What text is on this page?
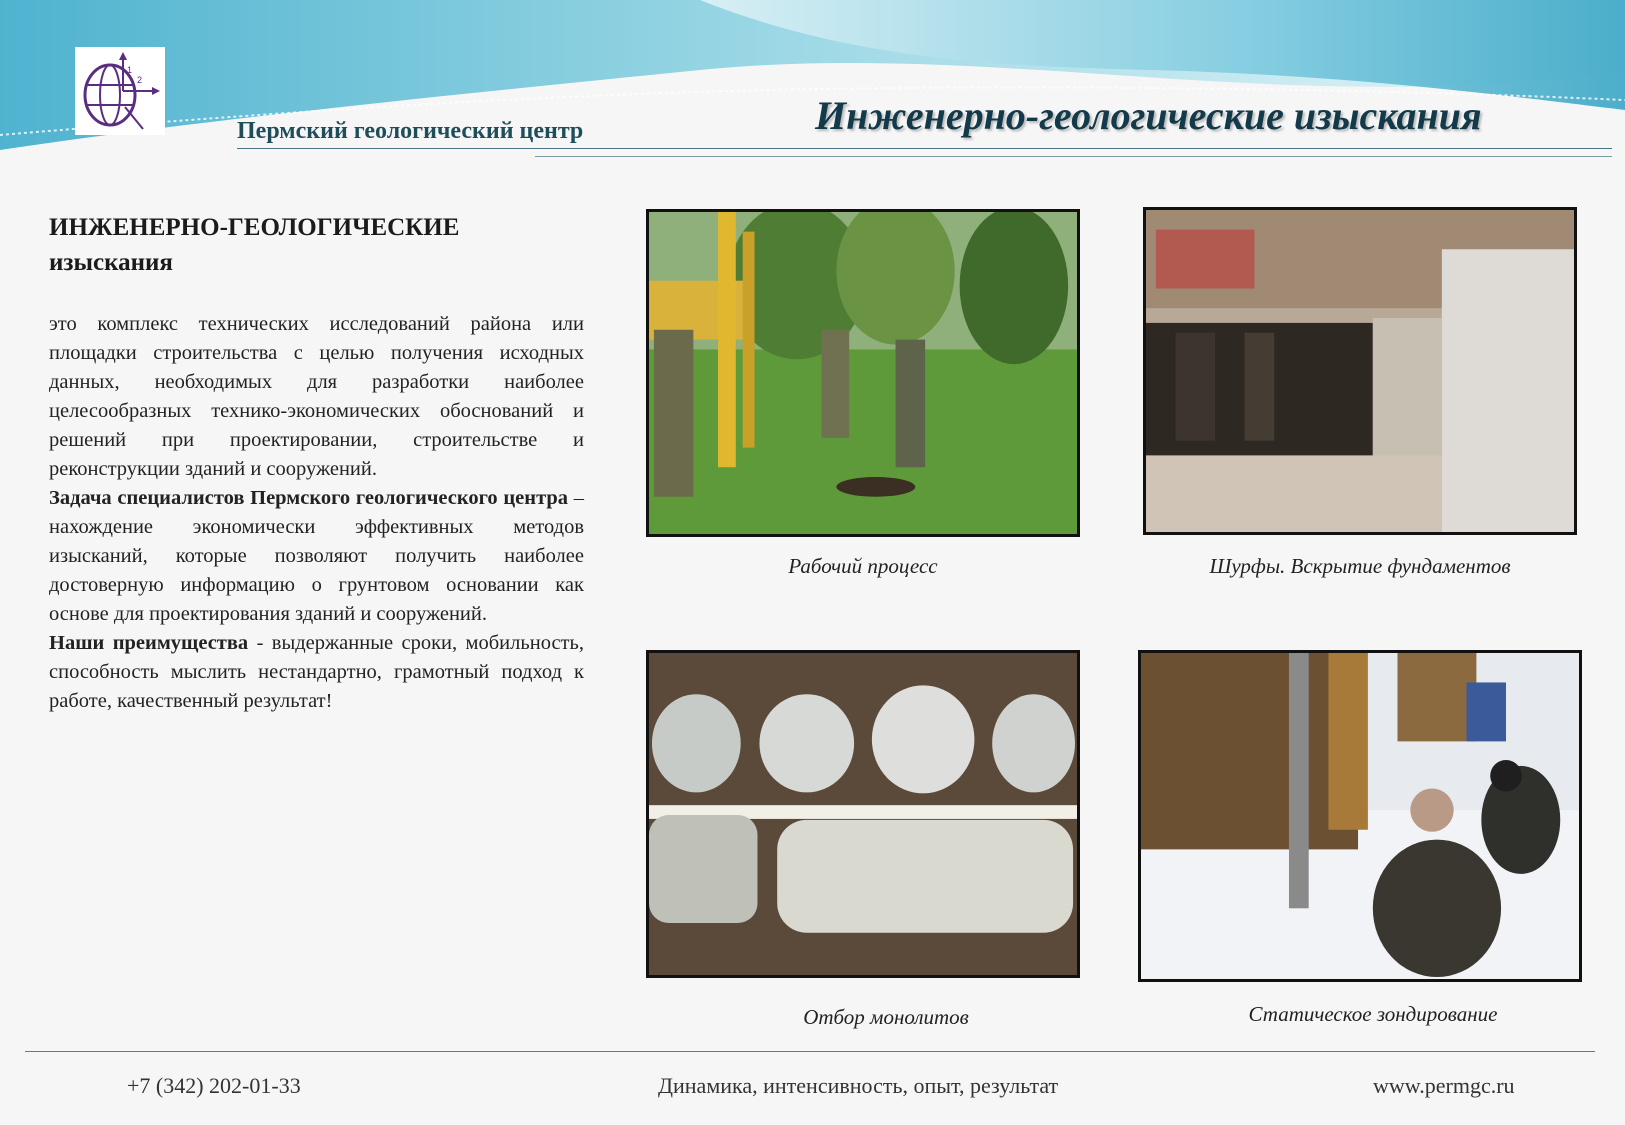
1
2
Пермский геологический центр	Инженерно-геологические изыскания
ИНЖЕНЕРНО-ГЕОЛОГИЧЕСКИЕ
изыскания

это комплекс технических исследований района или площадки строительства с целью получения исходных данных, необходимых для разработки наиболее целесообразных технико-экономических обоснований и решений при проектировании, строительстве и реконструкции зданий и сооружений.

Задача специалистов Пермского геологического центра – нахождение экономически эффективных методов изысканий, которые позволяют получить наиболее достоверную информацию о грунтовом основании как основе для проектирования зданий и сооружений.

Наши преимущества - выдержанные сроки, мобильность, способность мыслить нестандартно, грамотный подход к работе, качественный результат!

Рабочий процесс	Шурфы. Вскрытие фундаментов
Отбор монолитов	Статическое зондирование
+7 (342) 202-01-33	Динамика, интенсивность, опыт, результат	www.permgc.ru
